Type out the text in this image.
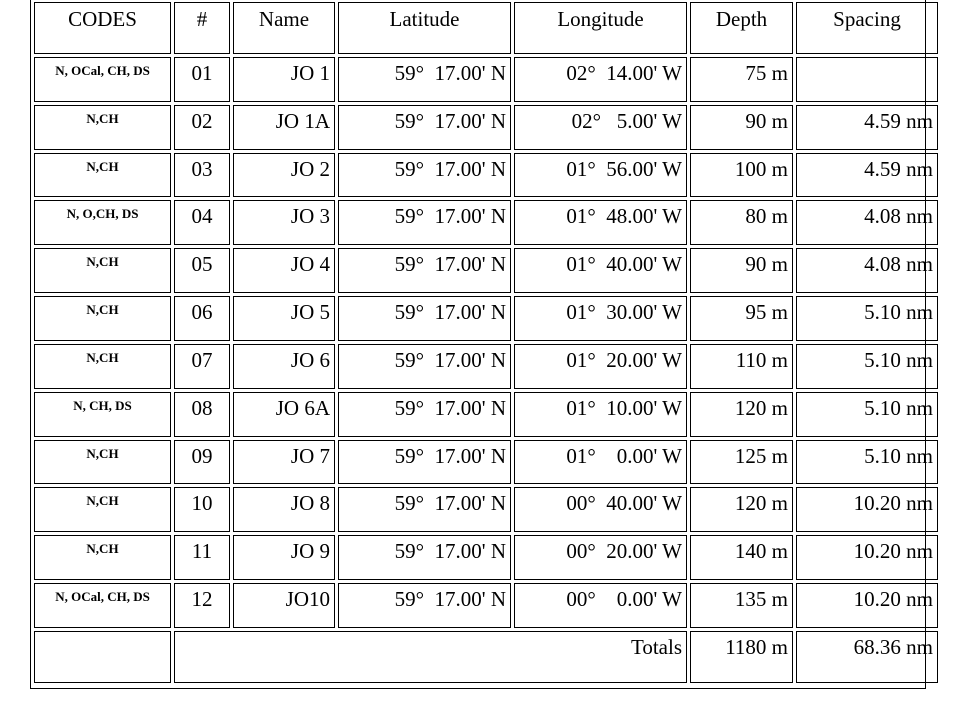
CODES	#	Name	Latitude	Longitude	Depth	Spacing
N, OCal, CH, DS	01	JO 1	59°  17.00' N	02°  14.00' W	75 m	
N,CH	02	JO 1A	59°  17.00' N	02°   5.00' W	90 m	4.59 nm
N,CH	03	JO 2	59°  17.00' N	01°  56.00' W	100 m	4.59 nm
N, O,CH, DS	04	JO 3	59°  17.00' N	01°  48.00' W	80 m	4.08 nm
N,CH	05	JO 4	59°  17.00' N	01°  40.00' W	90 m	4.08 nm
N,CH	06	JO 5	59°  17.00' N	01°  30.00' W	95 m	5.10 nm
N,CH	07	JO 6	59°  17.00' N	01°  20.00' W	110 m	5.10 nm
N, CH, DS	08	JO 6A	59°  17.00' N	01°  10.00' W	120 m	5.10 nm
N,CH	09	JO 7	59°  17.00' N	01°    0.00' W	125 m	5.10 nm
N,CH	10	JO 8	59°  17.00' N	00°  40.00' W	120 m	10.20 nm
N,CH	11	JO 9	59°  17.00' N	00°  20.00' W	140 m	10.20 nm
N, OCal, CH, DS	12	JO10	59°  17.00' N	00°    0.00' W	135 m	10.20 nm
	Totals				1180 m	68.36 nm
